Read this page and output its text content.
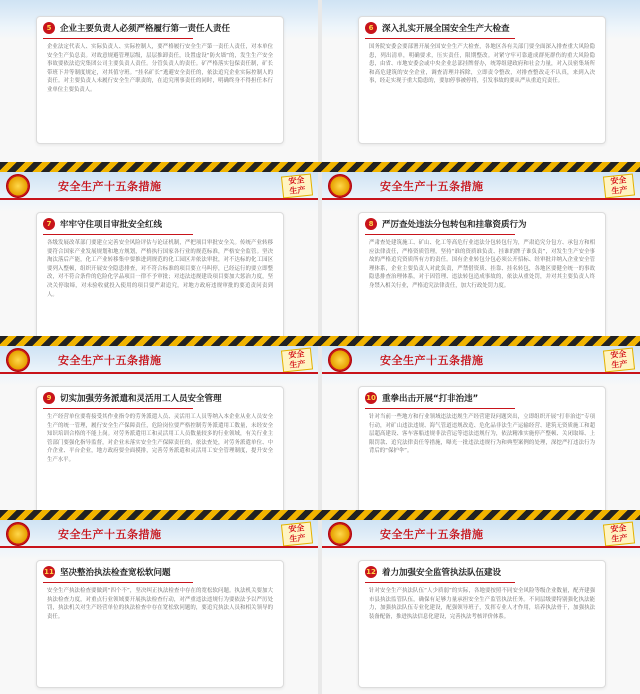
5	企业主要负责人必须严格履行第一责任人责任
企业法定代表人、实际负责人、实际控制人，要严格履行安全生产第一责任人责任，对本单位安全生产负总责。对故意规避管理层级，层层推卸责任，设置虚设“防火墙”的，发生生产安全事故要依法追究集团公司主要负责人责任。分管负责人的责任。矿严格落实包保责任制，矿长带班下井等制度规定，对其值守班。“挂名矿长”逃避安全责任的，依法追究企业实际控制人的责任。对主要负责人未履行安全生产职责的，在追究刑事责任的同时，明确终身不得担任本行业单位主要负责人。
6	深入扎实开展全国安全生产大检查
国务院安委会要部署开展全国安全生产大检查，各地区各有关部门要全面深入排查重大风险隐患，列出清单，明确要求，压实责任，限期整改。对紧守牢可靠遗成群死群伤的重大风险隐患，由省、市地安委会或中央企业总部挂牌督办，统筹组建政府和社会力量，对入员密集场所和高危建筑的安全企业，调查清理并拆除，立即责令整改，对排查整改走不认真，来到入决事，经走实现于重大隐患的，要加停事被停将，引发事故的要从严从重追究责任。
安全生产十五条措施	安全
生产
7	牢牢守住项目审批安全红线
各级发展改革部门要建立完善安全风险评估与论证机制，严把项目审批安全关。传统产业转移要符合国家产业发展规划和地方规划，严格执行国家各行业的规范标准，严格安全监管。坚决淘汰落后产能，化工产业转移集中要推进到规范的化工园区并依法审批，对不达标的化工园区要列入整顿，组织开展安全隐患排查，对不符合标准的项目要立马叫停，已经运行的要立即整改，对不符合条件的危险化学品项目一律不予审批；对违法违规建设项目要加大惩治力度，坚决关停取缔，对未验收就投入使用的项目要严肃追究，对地方政府违规审批的要追责问责到人。
安全生产十五条措施	安全
生产
8	严厉查处违法分包转包和挂靠资质行为
严肃查处建筑施工、矿山、化工等高危行业违法分包转包行为，严肃追究分包方、承包方和相应法律责任，严格资质管理，坚持“谁的资质谁负责、挂谁的牌子谁负责”，对发生生产安全事故的严格追究资质所有方的责任。国有企业转包分包必须公开招标、经审批并纳入企业安全管理体系，企业主要负责人对此负责，严禁借资质、挂靠、挂名转包，各地区要健全统一的事故隐患排查治理体系，对于因管理、违法转包造成事故的，依法从重处罚，并对其主要负责人终身禁入相关行业，严格追究法律责任，加大行政处罚力度。
安全生产十五条措施	安全
生产
9	切实加强劳务派遣和灵活用工人员安全管理
生产经营单位要将接受其作业指令的劳务派遣人员、灵活用工人员等纳入本企业从业人员安全生产的统一管理，履行安全生产保障责任，危险岗位要严格控制劳务派遣用工数量，未经安全知识培训合格的不能上岗。对劳务派遣用工和灵活用工人员数量较多的行业领域，有关行业主管部门要强化指导监督，对企业未落实安全生产保障责任的，依法查处，对劳务派遣单位、中介企业、平台企业，地方政府要全面摸排，完善劳务派遣和灵活用工安全管理制度，提升安全生产水平。
安全生产十五条措施	安全
生产
10 重拳出击开展“打非治违”
针对当前一些地方和行业领域违法违规生产经营建设问题突出，立即组织开展“打非治违”专项行动，对矿山违法违规、海气管道违规改造、危化品非法生产运输经营、建筑无资质施工和超层超高建设、客车客船违规非法营运等违法违规行为，依法精准实施停产整顿、关闭取缔、上限罚款、追究法律责任等措施，曝光一批违法违规行为和典型案例的处理，深挖严打违法行为背后的“保护伞”。
安全生产十五条措施	安全
生产
11 坚决整治执法检查宽松软问题
安全生产执法检查要做到“四个不”，坚决纠正执法检查中存在的宽松软问题。执法机关要加大执法检查力度，对重点行业领域要开展执法检查行动，对严重违法违规行为要依法予以严厉处罚，执法机关对生产经营单位的执法检查中存在宽松软问题的，要追究执法人员和相关领导的责任。
安全生产十五条措施	安全
生产
12 着力加强安全监管执法队伍建设
针对安全生产执法队伍“人少质弱”的实际，各地要按照不同安全风险等级企业数量，配齐建强市县执法监管队伍，确保有足够力量承担安全生产监管执法任务。不同层级要特别强化执法能力，加强执法队伍专业化建设，配强领导班子，发挥专业人才作用，培养执法骨干，加强执法装备配备，推进执法信息化建设，完善执法考核评价体系。
